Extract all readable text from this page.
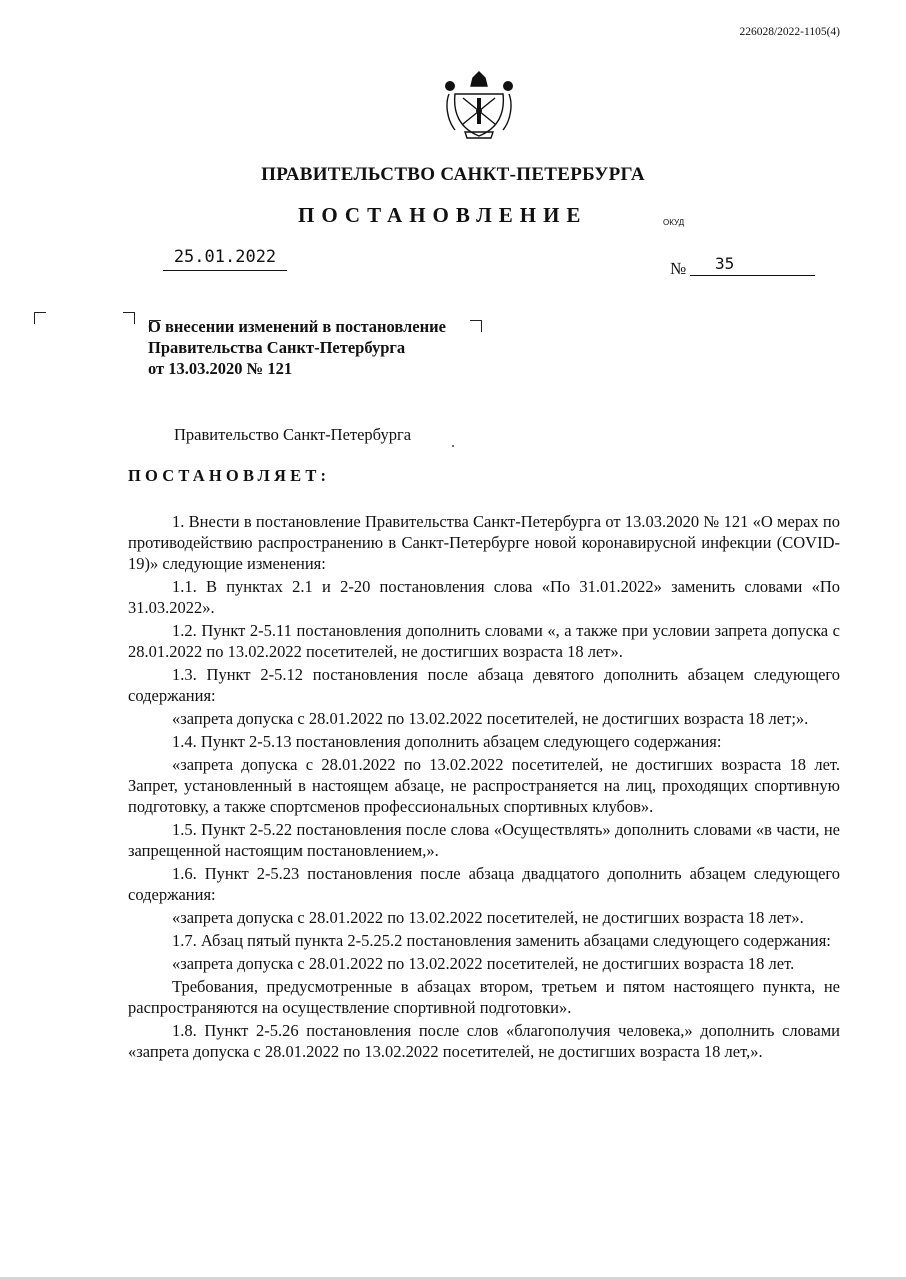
226028/2022-1105(4)
ПРАВИТЕЛЬСТВО САНКТ-ПЕТЕРБУРГА
ПОСТАНОВЛЕНИЕ	ОКУД
25.01.2022
№	35
О внесении изменений в постановление
Правительства Санкт-Петербурга
от 13.03.2020 № 121
Правительство Санкт-Петербурга
ПОСТАНОВЛЯЕТ:

1. Внести в постановление Правительства Санкт-Петербурга от 13.03.2020 № 121 «О мерах по противодействию распространению в Санкт-Петербурге новой коронавирусной инфекции (COVID-19)» следующие изменения:

1.1. В пунктах 2.1 и 2-20 постановления слова «По 31.01.2022» заменить словами «По 31.03.2022».

1.2. Пункт 2-5.11 постановления дополнить словами «, а также при условии запрета допуска с 28.01.2022 по 13.02.2022 посетителей, не достигших возраста 18 лет».

1.3. Пункт 2-5.12 постановления после абзаца девятого дополнить абзацем следующего содержания:

«запрета допуска с 28.01.2022 по 13.02.2022 посетителей, не достигших возраста 18 лет;».

1.4. Пункт 2-5.13 постановления дополнить абзацем следующего содержания:

«запрета допуска с 28.01.2022 по 13.02.2022 посетителей, не достигших возраста 18 лет. Запрет, установленный в настоящем абзаце, не распространяется на лиц, проходящих спортивную подготовку, а также спортсменов профессиональных спортивных клубов».

1.5. Пункт 2-5.22 постановления после слова «Осуществлять» дополнить словами «в части, не запрещенной настоящим постановлением,».

1.6. Пункт 2-5.23 постановления после абзаца двадцатого дополнить абзацем следующего содержания:

«запрета допуска с 28.01.2022 по 13.02.2022 посетителей, не достигших возраста 18 лет».

1.7. Абзац пятый пункта 2-5.25.2 постановления заменить абзацами следующего содержания:

«запрета допуска с 28.01.2022 по 13.02.2022 посетителей, не достигших возраста 18 лет.

Требования, предусмотренные в абзацах втором, третьем и пятом настоящего пункта, не распространяются на осуществление спортивной подготовки».

1.8. Пункт 2-5.26 постановления после слов «благополучия человека,» дополнить словами «запрета допуска с 28.01.2022 по 13.02.2022 посетителей, не достигших возраста 18 лет,».
